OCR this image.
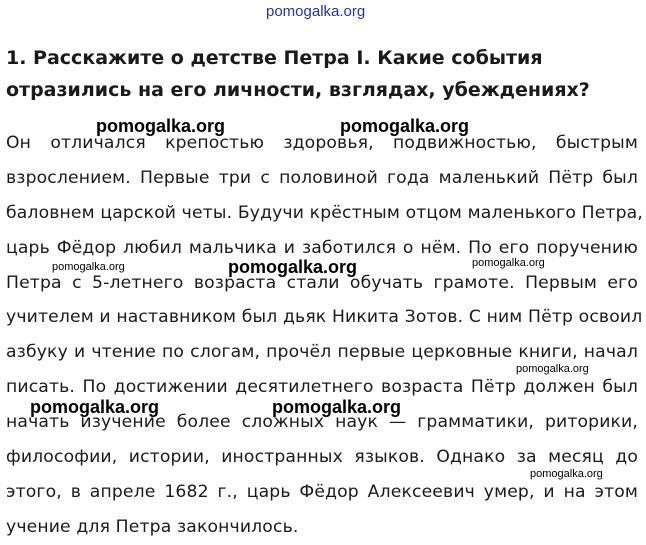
pomogalka.org

1. Расскажите о детстве Петра I. Какие события отразились на его личности, взглядах, убеждениях?

Он отличался крепостью здоровья, подвижностью, быстрым
взрослением. Первые три с половиной года маленький Пётр был
баловнем царской четы. Будучи крёстным отцом маленького Петра,
царь Фёдор любил мальчика и заботился о нём. По его поручению
Петра с 5-летнего возраста стали обучать грамоте. Первым его
учителем и наставником был дьяк Никита Зотов. С ним Пётр освоил
азбуку и чтение по слогам, прочёл первые церковные книги, начал
писать. По достижении десятилетнего возраста Пётр должен был
начать изучение более сложных наук — грамматики, риторики,
философии, истории, иностранных языков. Однако за месяц до
этого, в апреле 1682 г., царь Фёдор Алексеевич умер, и на этом
учение для Петра закончилось.
pomogalka.org	pomogalka.org
pomogalka.org	pomogalka.org	pomogalka.org
pomogalka.org
pomogalka.org	pomogalka.org
pomogalka.org
